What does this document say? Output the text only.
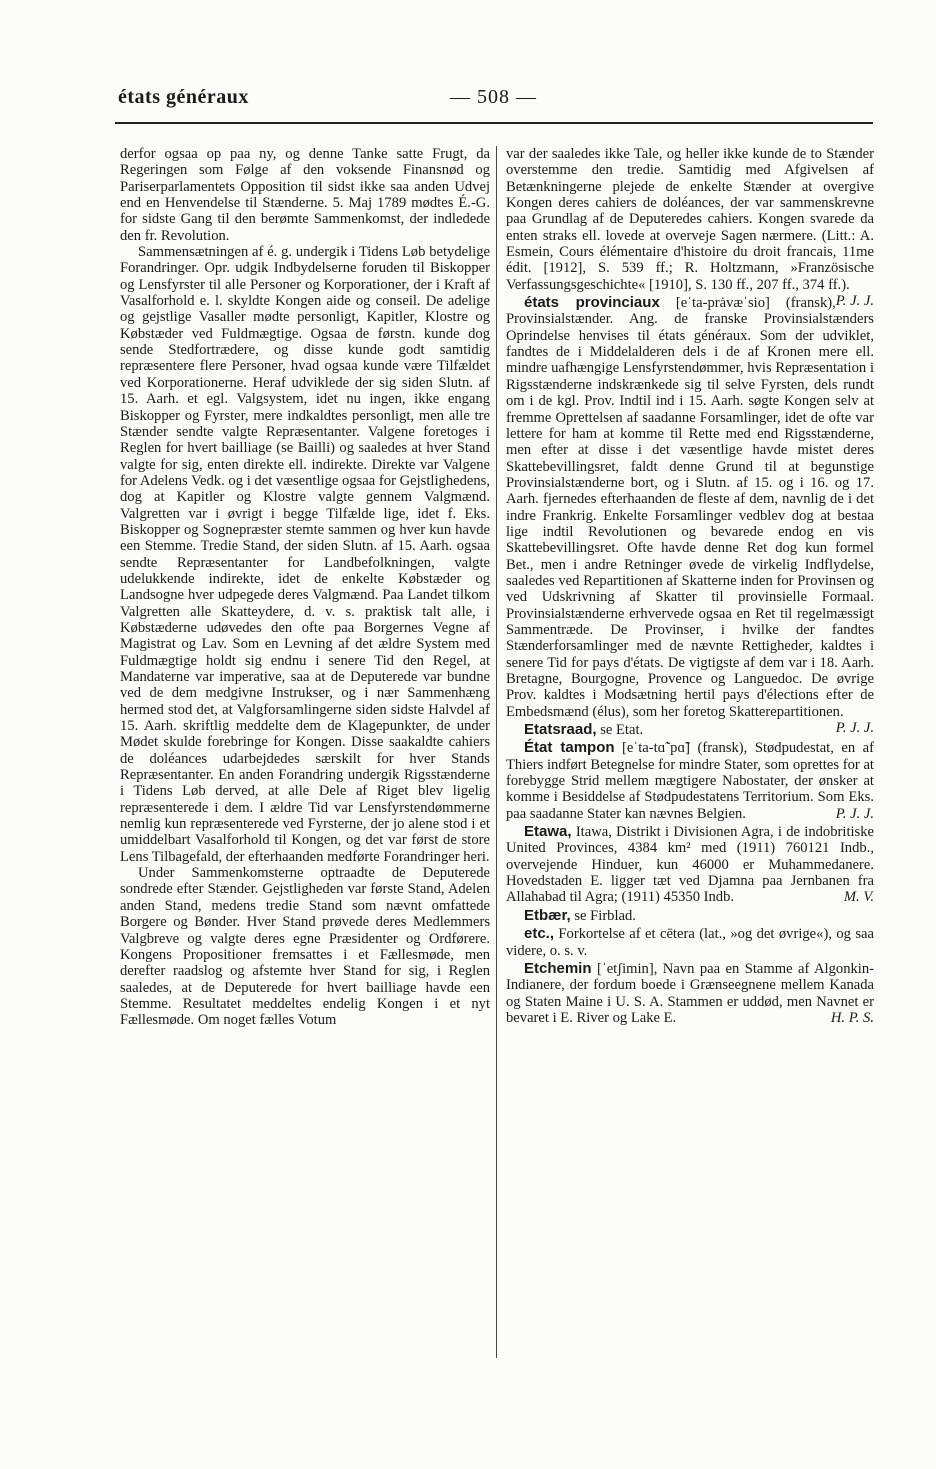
états généraux	— 508 —

derfor ogsaa op paa ny, og denne Tanke satte Frugt, da Regeringen som Følge af den voksende Finansnød og Pariserparlamentets Opposition til sidst ikke saa anden Udvej end en Henvendelse til Stænderne. 5. Maj 1789 mødtes É.-G. for sidste Gang til den berømte Sammenkomst, der indledede den fr. Revolution.

Sammensætningen af é. g. undergik i Tidens Løb betydelige Forandringer. Opr. udgik Indbydelserne foruden til Biskopper og Lensfyrster til alle Personer og Korporationer, der i Kraft af Vasalforhold e. l. skyldte Kongen aide og conseil. De adelige og gejstlige Vasaller mødte personligt, Kapitler, Klostre og Købstæder ved Fuldmægtige. Ogsaa de førstn. kunde dog sende Stedfortrædere, og disse kunde godt samtidig repræsentere flere Personer, hvad ogsaa kunde være Tilfældet ved Korporationerne. Heraf udviklede der sig siden Slutn. af 15. Aarh. et egl. Valgsystem, idet nu ingen, ikke engang Biskopper og Fyrster, mere indkaldtes personligt, men alle tre Stænder sendte valgte Repræsentanter. Valgene foretoges i Reglen for hvert bailliage (se Bailli) og saaledes at hver Stand valgte for sig, enten direkte ell. indirekte. Direkte var Valgene for Adelens Vedk. og i det væsentlige ogsaa for Gejstlighedens, dog at Kapitler og Klostre valgte gennem Valgmænd. Valgretten var i øvrigt i begge Tilfælde lige, idet f. Eks. Biskopper og Sognepræster stemte sammen og hver kun havde een Stemme. Tredie Stand, der siden Slutn. af 15. Aarh. ogsaa sendte Repræsentanter for Landbefolkningen, valgte udelukkende indirekte, idet de enkelte Købstæder og Landsogne hver udpegede deres Valgmænd. Paa Landet tilkom Valgretten alle Skatteydere, d. v. s. praktisk talt alle, i Købstæderne udøvedes den ofte paa Borgernes Vegne af Magistrat og Lav. Som en Levning af det ældre System med Fuldmægtige holdt sig endnu i senere Tid den Regel, at Mandaterne var imperative, saa at de Deputerede var bundne ved de dem medgivne Instrukser, og i nær Sammenhæng hermed stod det, at Valgforsamlingerne siden sidste Halvdel af 15. Aarh. skriftlig meddelte dem de Klagepunkter, de under Mødet skulde forebringe for Kongen. Disse saakaldte cahiers de doléances udarbejdedes særskilt for hver Stands Repræsentanter. En anden Forandring undergik Rigsstænderne i Tidens Løb derved, at alle Dele af Riget blev ligelig repræsenterede i dem. I ældre Tid var Lensfyrstendømmerne nemlig kun repræsenterede ved Fyrsterne, der jo alene stod i et umiddelbart Vasalforhold til Kongen, og det var først de store Lens Tilbagefald, der efterhaanden medførte Forandringer heri.

Under Sammenkomsterne optraadte de Deputerede sondrede efter Stænder. Gejstligheden var første Stand, Adelen anden Stand, medens tredie Stand som nævnt omfattede Borgere og Bønder. Hver Stand prøvede deres Medlemmers Valgbreve og valgte deres egne Præsidenter og Ordførere. Kongens Propositioner fremsattes i et Fællesmøde, men derefter raadslog og afstemte hver Stand for sig, i Reglen saaledes, at de Deputerede for hvert bailliage havde een Stemme. Resultatet meddeltes endelig Kongen i et nyt Fællesmøde. Om noget fælles Votum

var der saaledes ikke Tale, og heller ikke kunde de to Stænder overstemme den tredie. Samtidig med Afgivelsen af Betænkningerne plejede de enkelte Stænder at overgive Kongen deres cahiers de doléances, der var sammenskrevne paa Grundlag af de Deputeredes cahiers. Kongen svarede da enten straks ell. lovede at overveje Sagen nærmere. (Litt.: A. Esmein, Cours élémentaire d'histoire du droit francais, 11me édit. [1912], S. 539 ff.; R. Holtzmann, »Französische Verfassungsgeschichte« [1910], S. 130 ff., 207 ff., 374 ff.).
P. J. J.

états provinciaux [eˈta-prȧvæˈsio] (fransk), Provinsialstænder. Ang. de franske Provinsialstænders Oprindelse henvises til états généraux. Som der udviklet, fandtes de i Middelalderen dels i de af Kronen mere ell. mindre uafhængige Lensfyrstendømmer, hvis Repræsentation i Rigsstænderne indskrænkede sig til selve Fyrsten, dels rundt om i de kgl. Prov. Indtil ind i 15. Aarh. søgte Kongen selv at fremme Oprettelsen af saadanne Forsamlinger, idet de ofte var lettere for ham at komme til Rette med end Rigsstænderne, men efter at disse i det væsentlige havde mistet deres Skattebevillingsret, faldt denne Grund til at begunstige Provinsialstænderne bort, og i Slutn. af 15. og i 16. og 17. Aarh. fjernedes efterhaanden de fleste af dem, navnlig de i det indre Frankrig. Enkelte Forsamlinger vedblev dog at bestaa lige indtil Revolutionen og bevarede endog en vis Skattebevillingsret. Ofte havde denne Ret dog kun formel Bet., men i andre Retninger øvede de virkelig Indflydelse, saaledes ved Repartitionen af Skatterne inden for Provinsen og ved Udskrivning af Skatter til provinsielle Formaal. Provinsialstænderne erhvervede ogsaa en Ret til regelmæssigt Sammentræde. De Provinser, i hvilke der fandtes Stænderforsamlinger med de nævnte Rettigheder, kaldtes i senere Tid for pays d'états. De vigtigste af dem var i 18. Aarh. Bretagne, Bourgogne, Provence og Languedoc. De øvrige Prov. kaldtes i Modsætning hertil pays d'élections efter de Embedsmænd (élus), som her foretog Skatterepartitionen.
P. J. J.

Etatsraad, se Etat.

État tampon [eˈta-tɑ̃ˈpɑ̃] (fransk), Stødpudestat, en af Thiers indført Betegnelse for mindre Stater, som oprettes for at forebygge Strid mellem mægtigere Nabostater, der ønsker at komme i Besiddelse af Stødpudestatens Territorium. Som Eks. paa saadanne Stater kan nævnes Belgien.	P. J. J.

Etawa, Itawa, Distrikt i Divisionen Agra, i de indobritiske United Provinces, 4384 km² med (1911) 760121 Indb., overvejende Hinduer, kun 46000 er Muhammedanere. Hovedstaden E. ligger tæt ved Djamna paa Jernbanen fra Allahabad til Agra; (1911) 45350 Indb.	M. V.

Etbær, se Firblad.

etc., Forkortelse af et cētera (lat., »og det øvrige«), og saa videre, o. s. v.

Etchemin [ˈetʃimin], Navn paa en Stamme af Algonkin-Indianere, der fordum boede i Grænseegnene mellem Kanada og Staten Maine i U. S. A. Stammen er uddød, men Navnet er bevaret i E. River og Lake E.	H. P. S.
